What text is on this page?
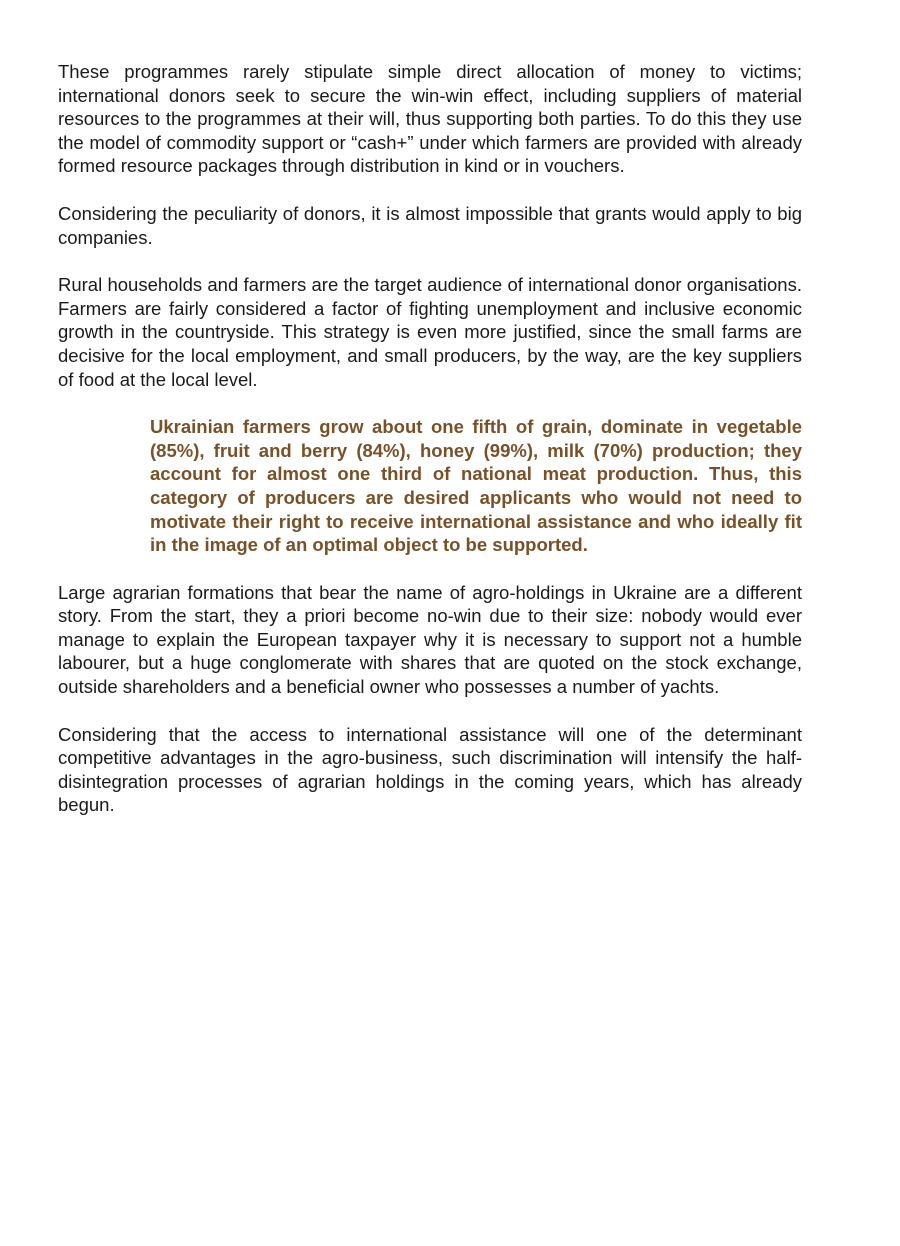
These programmes rarely stipulate simple direct allocation of money to victims; international donors seek to secure the win-win effect, including suppliers of material resources to the programmes at their will, thus supporting both parties. To do this they use the model of commodity support or “cash+” under which farmers are provided with already formed resource packages through distribution in kind or in vouchers.

Considering the peculiarity of donors, it is almost impossible that grants would apply to big companies.

Rural households and farmers are the target audience of international donor organisations. Farmers are fairly considered a factor of fighting unemployment and inclusive economic growth in the countryside. This strategy is even more justified, since the small farms are decisive for the local employment, and small producers, by the way, are the key suppliers of food at the local level.

Ukrainian farmers grow about one fifth of grain, dominate in vegetable (85%), fruit and berry (84%), honey (99%), milk (70%) production; they account for almost one third of national meat production. Thus, this category of producers are desired applicants who would not need to motivate their right to receive international assistance and who ideally fit in the image of an optimal object to be supported.

Large agrarian formations that bear the name of agro-holdings in Ukraine are a different story. From the start, they a priori become no-win due to their size: nobody would ever manage to explain the European taxpayer why it is necessary to support not a humble labourer, but a huge conglomerate with shares that are quoted on the stock exchange, outside shareholders and a beneficial owner who possesses a number of yachts.

Considering that the access to international assistance will one of the determinant competitive advantages in the agro-business, such discrimination will intensify the half-disintegration processes of agrarian holdings in the coming years, which has already begun.
